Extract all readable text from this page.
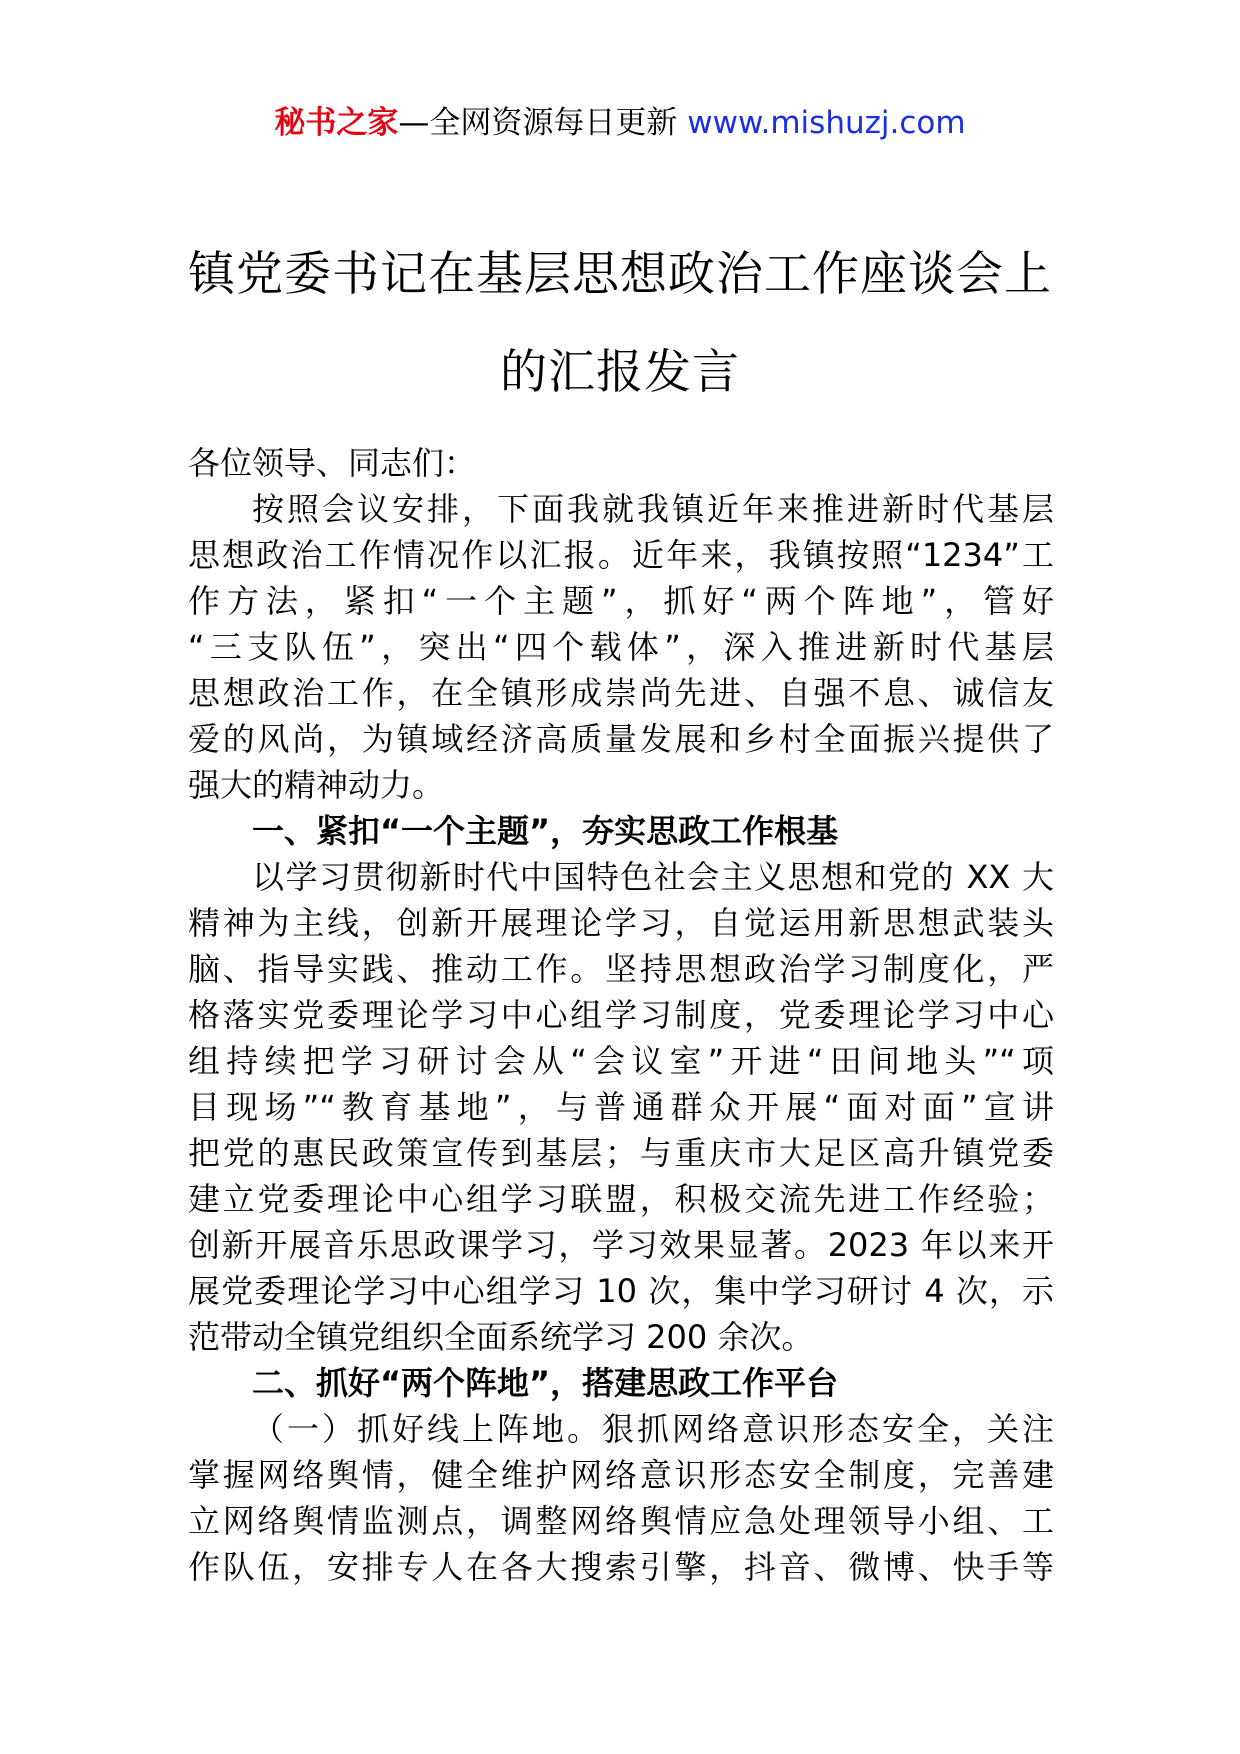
秘书之家—全网资源每日更新 www.mishuzj.com
镇党委书记在基层思想政治工作座谈会上
的汇报发言
各位领导、同志们：
按照会议安排，下面我就我镇近年来推进新时代基层
思想政治工作情况作以汇报。近年来，我镇按照“1234”工
作方法，紧扣“一个主题”，抓好“两个阵地”，管好
“三支队伍”，突出“四个载体”，深入推进新时代基层
思想政治工作，在全镇形成崇尚先进、自强不息、诚信友
爱的风尚，为镇域经济高质量发展和乡村全面振兴提供了
强大的精神动力。
一、紧扣“一个主题”，夯实思政工作根基
以学习贯彻新时代中国特色社会主义思想和党的 XX 大
精神为主线，创新开展理论学习，自觉运用新思想武装头
脑、指导实践、推动工作。坚持思想政治学习制度化，严
格落实党委理论学习中心组学习制度，党委理论学习中心
组持续把学习研讨会从“会议室”开进“田间地头”“项
目现场”“教育基地”，与普通群众开展“面对面”宣讲
把党的惠民政策宣传到基层；与重庆市大足区高升镇党委
建立党委理论中心组学习联盟，积极交流先进工作经验；
创新开展音乐思政课学习，学习效果显著。2023 年以来开
展党委理论学习中心组学习 10 次，集中学习研讨 4 次，示
范带动全镇党组织全面系统学习 200 余次。
二、抓好“两个阵地”，搭建思政工作平台
（一）抓好线上阵地。狠抓网络意识形态安全，关注
掌握网络舆情，健全维护网络意识形态安全制度，完善建
立网络舆情监测点，调整网络舆情应急处理领导小组、工
作队伍，安排专人在各大搜索引擎，抖音、微博、快手等
